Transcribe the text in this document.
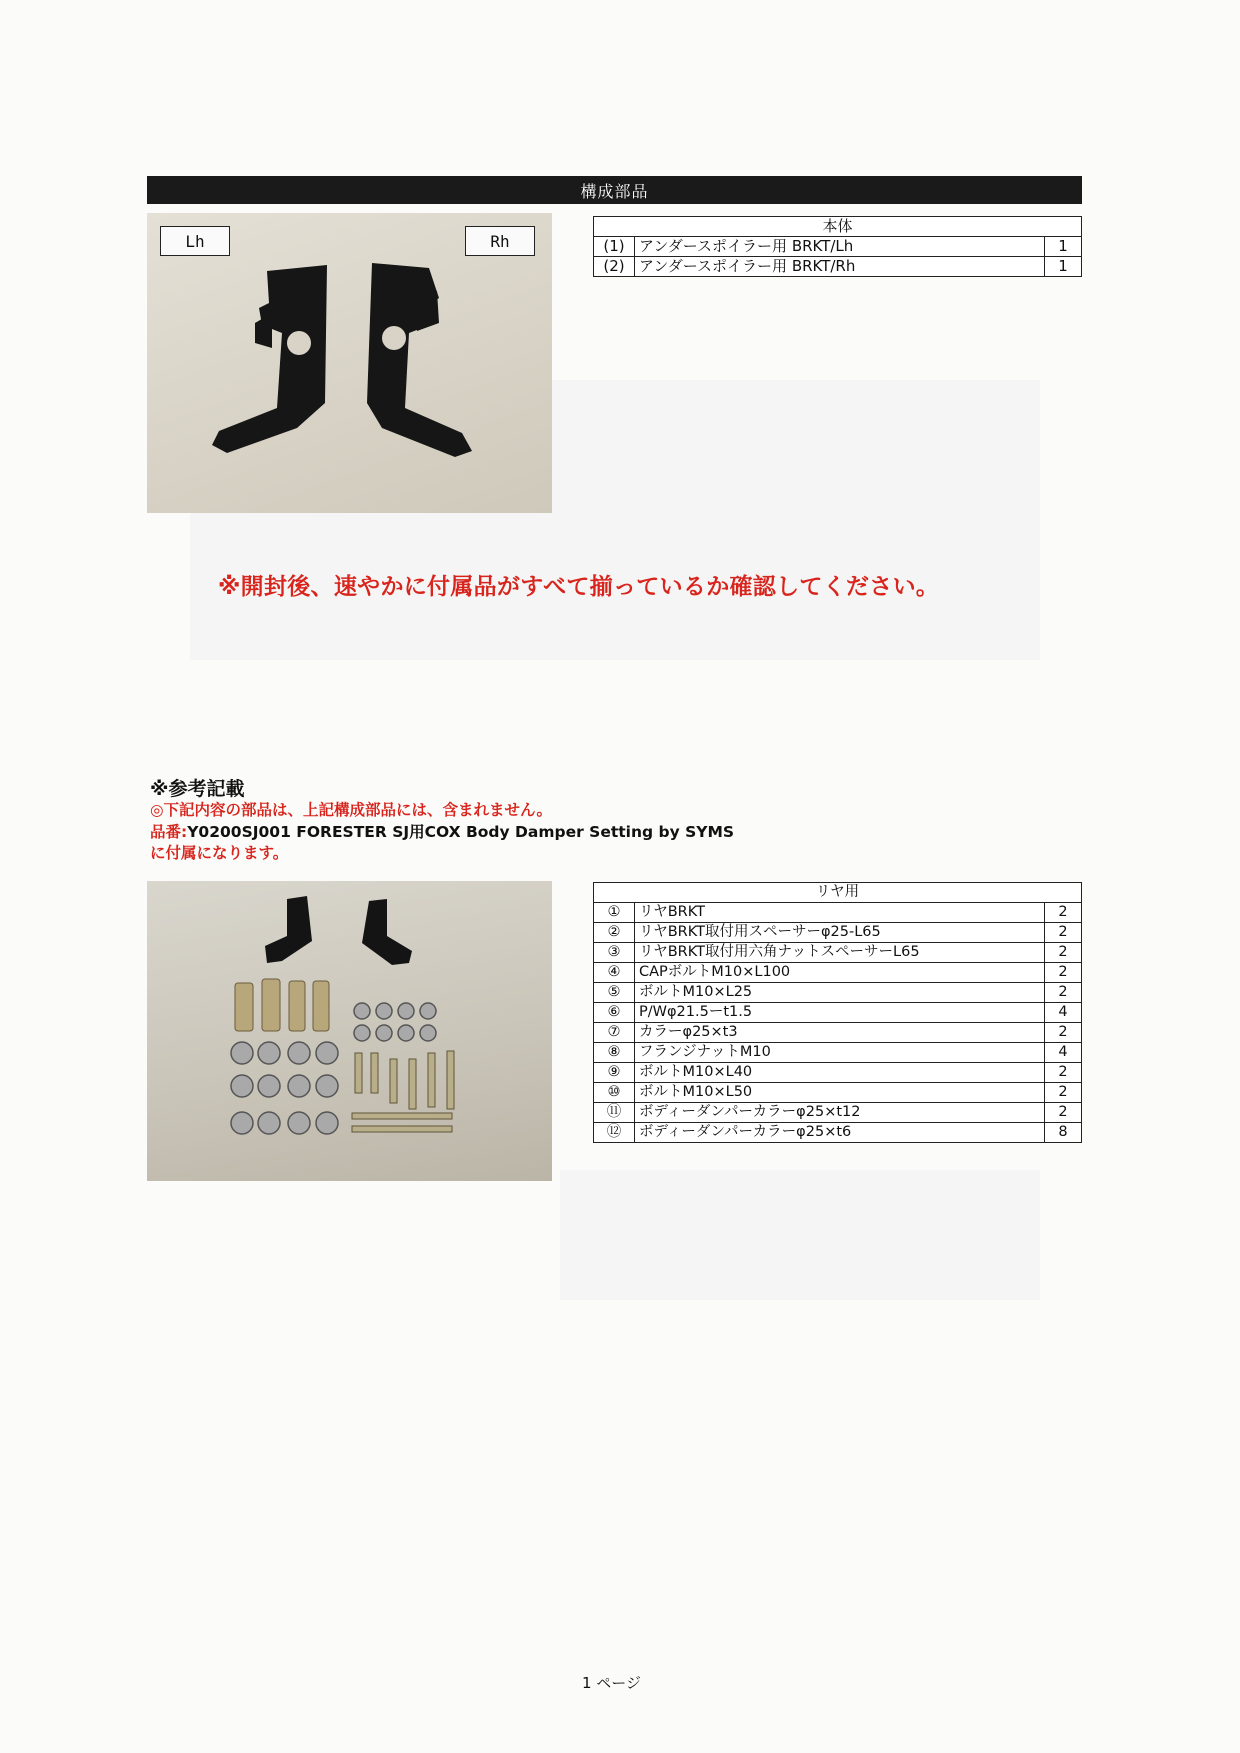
構成部品
Lh	Rh
本体		
(1)	アンダースポイラー用 BRKT/Lh	1
(2)	アンダースポイラー用 BRKT/Rh	1
※開封後、速やかに付属品がすべて揃っているか確認してください。
※参考記載
◎下記内容の部品は、上記構成部品には、含まれません。
品番:Y0200SJ001 FORESTER SJ用COX Body Damper Setting by SYMS
に付属になります。
リヤ用		
①	リヤBRKT	2
②	リヤBRKT取付用スペーサーφ25-L65	2
③	リヤBRKT取付用六角ナットスペーサーL65	2
④	CAPボルトM10×L100	2
⑤	ボルトM10×L25	2
⑥	P/Wφ21.5ーt1.5	4
⑦	カラーφ25×t3	2
⑧	フランジナットM10	4
⑨	ボルトM10×L40	2
⑩	ボルトM10×L50	2
⑪	ボディーダンパーカラーφ25×t12	2
⑫	ボディーダンパーカラーφ25×t6	8
1 ページ
